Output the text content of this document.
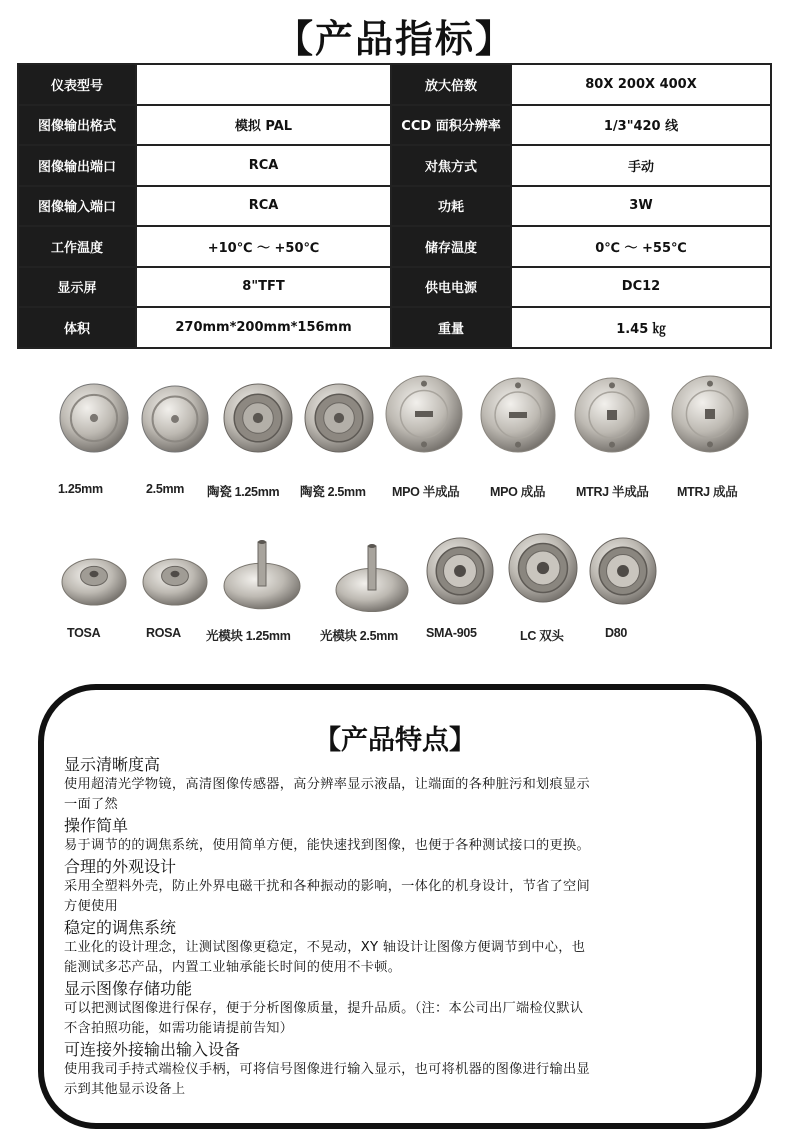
【产品指标】
仪表型号		放大倍数	80X 200X 400X
图像输出格式	模拟 PAL	CCD 面积分辨率	1/3"420 线
图像输出端口	RCA	对焦方式	手动
图像输入端口	RCA	功耗	3W
工作温度	+10℃ ～ +50℃	储存温度	0℃ ～ +55℃
显示屏	8"TFT	供电电源	DC12
体积	270mm*200mm*156mm	重量	1.45 ㎏
1.25mm	2.5mm 陶瓷 1.25mm 陶瓷 2.5mm MPO 半成品 MPO 成品 MTRJ 半成品 MTRJ 成品
TOSA	ROSA 光模块 1.25mm 光模块 2.5mm SMA-905	LC 双头	D80
【产品特点】
显示清晰度高
使用超清光学物镜，高清图像传感器，高分辨率显示液晶，让端面的各种脏污和划痕显示
一面了然
操作简单
易于调节的的调焦系统，使用简单方便，能快速找到图像，也便于各种测试接口的更换。
合理的外观设计
采用全塑料外壳，防止外界电磁干扰和各种振动的影响，一体化的机身设计，节省了空间
方便使用
稳定的调焦系统
工业化的设计理念，让测试图像更稳定，不晃动，XY 轴设计让图像方便调节到中心，也
能测试多芯产品，内置工业轴承能长时间的使用不卡顿。
显示图像存储功能
可以把测试图像进行保存，便于分析图像质量，提升品质。（注：本公司出厂端检仪默认
不含拍照功能，如需功能请提前告知）
可连接外接输出输入设备
使用我司手持式端检仪手柄，可将信号图像进行输入显示，也可将机器的图像进行输出显
示到其他显示设备上
